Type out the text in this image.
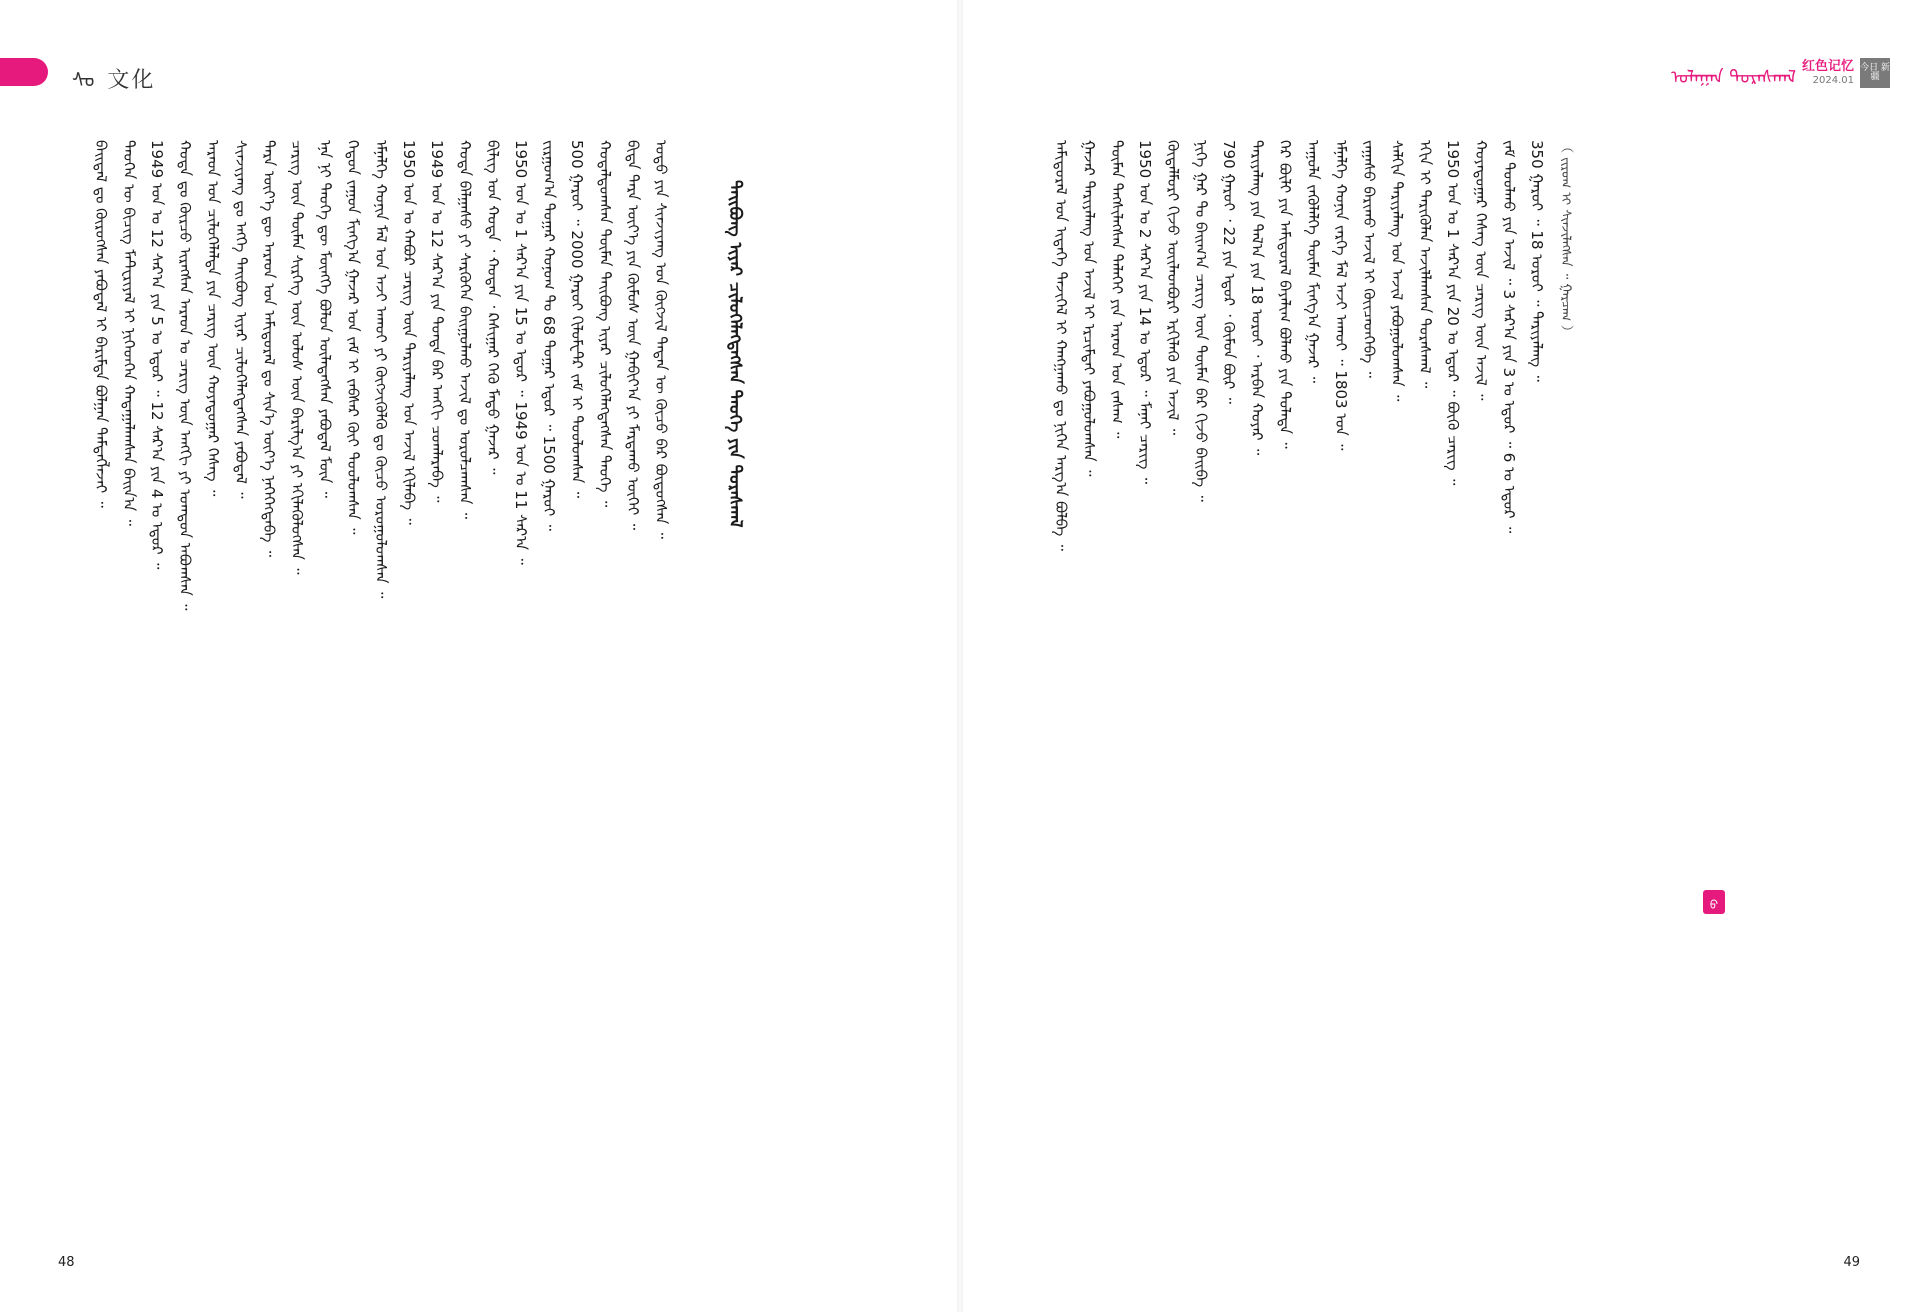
ᠰᠣ 文化	ᠤᠯᠠᠭᠠᠨ ᠳᠤᠷᠠᠰᠬᠠᠯ 红色记忆
2024.01
今日 新疆
ᠪᠠᠢᠳᠠᠯ ᠳᠤ ᠬᠦᠷᠦᠭᠰᠡᠨ ᠶᠠᠪᠤᠳᠠᠯ ᠢ ᠪᠠᠷᠢᠮᠲᠠ ᠪᠣᠯᠭᠠᠨ ᠲᠡᠮᠳᠡᠭᠯᠡᠵᠡᠢ ᠃ ᠲᠡᠦᠬᠡᠨ ᠦ ᠪᠢᠴᠢᠭ ᠮᠠᠲᠸᠷᠢᠶᠠᠯ ᠢ ᠨᠢᠭᠡᠳᠬᠡᠨ ᠬᠠᠳᠠᠭᠠᠯᠠᠭᠰᠠᠨ ᠪᠠᠢᠨ᠎ᠠ ᠃ 1949 ᠣᠨ ᠤ 12 ᠰᠠᠷ᠎ᠠ ᠶᠢᠨ 5 ᠤ ᠡᠳᠦᠷ ᠃ 12 ᠰᠠᠷ᠎ᠠ ᠶᠢᠨ 4 ᠤ ᠡᠳᠦᠷ ᠃ ᠬᠣᠲᠠ ᠳᠤ ᠬᠦᠷᠴᠦ ᠢᠷᠡᠭᠰᠡᠨ ᠠᠷᠠᠳ ᠤ ᠴᠡᠷᠢᠭ ᠦᠨ ᠠᠩᠭᠢ ᠶᠢ ᠤᠭᠳᠤᠨ ᠠᠪᠤᠭᠰᠠᠨ ᠃ ᠠᠷᠠᠳ ᠤᠨ ᠴᠢᠯᠥᠭᠡᠯᠡᠯᠳᠡ ᠶᠢᠨ ᠴᠡᠷᠢᠭ ᠦᠨ ᠬᠣᠶᠠᠳᠤᠭᠠᠷ ᠬᠡᠰᠡᠭ ᠃ ᠰᠢᠨᠵᠢᠶᠠᠩ ᠳᠤ ᠡᠩᠬᠡ ᠲᠠᠢᠪᠤᠩ ᠢᠶᠠᠷ ᠴᠢᠯᠥᠭᠡᠯᠡᠭᠳᠡᠭᠰᠡᠨ ᠶᠠᠪᠤᠳᠠᠯ ᠃ ᠲᠡᠷᠡ ᠦᠶ᠎ᠡ ᠳᠦ ᠠᠷᠠᠳ ᠤᠨ ᠠᠮᠢᠳᠤᠷᠠᠯ ᠳᠤ ᠰᠢᠨ᠎ᠡ ᠦᠶ᠎ᠡ ᠨᠡᠭᠡᠭᠡᠭᠳᠡᠪᠡ ᠃ ᠴᠡᠷᠢᠭ ᠦᠨ ᠲᠦᠮᠡᠨ ᠰᠢᠷᠬᠡᠭ ᠦᠨ ᠤᠯᠤᠰ ᠦᠨ ᠪᠠᠷᠢᠯᠭ᠎ᠠ ᠶᠢ ᠡᠬᠢᠯᠡᠭᠦᠯᠦᠭᠰᠡᠨ ᠃ ᠡᠨᠡ ᠨᠢ ᠲᠡᠦᠬᠡ ᠳᠦ ᠮᠥᠩᠬᠡ ᠪᠣᠯᠤᠨ ᠦᠯᠡᠳᠡᠭᠰᠡᠨ ᠶᠠᠪᠤᠳᠠᠯ ᠮᠥᠨ ᠃ ᠬᠡᠳᠦᠨ ᠵᠠᠭᠤᠨ ᠮᠢᠩᠭ᠎ᠠ ᠭᠠᠵᠠᠷ ᠤᠨ ᠵᠠᠮ ᠢ ᠵᠠᠪᠰᠠᠷ ᠭᠦᠢ ᠲᠤᠤᠯᠤᠭᠰᠠᠨ ᠃ ᠡᠮᠨᠡᠯᠭᠡ ᠬᠣᠨᠢᠨ ᠮᠠᠯ ᠤᠨ ᠠᠵᠢ ᠠᠬᠤᠢ ᠶᠢ ᠬᠥᠭᠵᠢᠭᠦᠯᠬᠦ ᠳᠤ ᠬᠦᠴᠦ ᠣᠷᠣᠭᠤᠯᠤᠭᠰᠠᠨ ᠃ 1950 ᠣᠨ ᠤ ᠬᠠᠪᠤᠷ ᠴᠡᠷᠢᠭ ᠦᠨ ᠲᠠᠷᠢᠶᠠᠯᠠᠩ ᠤᠨ ᠠᠵᠢᠯ ᠡᠬᠢᠯᠡᠪᠡ ᠃ 1949 ᠣᠨ ᠤ 12 ᠰᠠᠷ᠎ᠠ ᠶᠢᠨ ᠳᠤᠨᠳᠠ ᠪᠡᠷ ᠠᠩᠭᠢ ᠴᠤᠭᠯᠠᠷᠠᠪᠠ ᠃ ᠬᠣᠲᠠ ᠪᠠᠯᠭᠠᠰᠤ ᠶᠢ ᠰᠡᠷᠭᠦᠭᠡᠨ ᠪᠠᠢᠭᠤᠯᠬᠤ ᠠᠵᠢᠯ ᠳᠤ ᠣᠷᠣᠯᠴᠠᠭᠰᠠᠨ ᠃ ᠪᠢᠯᠢᠭ ᠤᠨ ᠬᠣᠲᠠ ᠂ ᠬᠣᠲᠠᠨ ᠂ ᠺᠠᠰᠢᠭᠠᠷ ᠭᠡᠬᠦ ᠮᠡᠲᠦ ᠭᠠᠵᠠᠷ ᠃ 1950 ᠣᠨ ᠤ 1 ᠰᠠᠷ᠎ᠠ ᠶᠢᠨ 15 ᠤ ᠡᠳᠦᠷ ᠃ 1949 ᠣᠨ ᠤ 11 ᠰᠠᠷ᠎ᠠ ᠃ ᠵᠢᠷᠭᠤᠭ᠎ᠠ ᠳᠤᠭᠠᠷ ᠬᠣᠨᠤᠭ ᠲᠤ 68 ᠳᠤᠭᠠᠷ ᠡᠳᠦᠷ ᠃ 1500 ᠭᠠᠷᠤᠢ ᠃ 500 ᠭᠠᠷᠤᠢ ᠃ 2000 ᠭᠠᠷᠤᠢ ᠬᠢᠯᠣᠮᠧᠲ᠋ᠷ ᠵᠠᠮ ᠢ ᠲᠤᠤᠯᠤᠭᠰᠠᠨ ᠃ ᠬᠤᠳᠠᠯᠳᠤᠭᠰᠠᠨ ᠲᠦᠮᠡᠨ ᠲᠠᠢᠪᠤᠩ ᠢᠶᠠᠷ ᠴᠢᠯᠥᠭᠡᠯᠡᠭᠳᠡᠭᠰᠡᠨ ᠲᠡᠦᠬᠡ ᠃ ᠪᠢᠳᠡ ᠲᠡᠷᠡ ᠦᠶ᠎ᠡ ᠶᠢᠨ ᠬᠦᠮᠦᠰ ᠦᠨ ᠭᠠᠪᠢᠶ᠎ᠠ ᠶᠢ ᠮᠠᠷᠲᠠᠬᠤ ᠦᠭᠡᠢ ᠃ ᠣᠳᠣ ᠶᠢᠨ ᠰᠢᠨᠵᠢᠶᠠᠩ ᠤᠨ ᠬᠥᠭᠵᠢᠯ ᠲᠡᠳᠡᠨ ᠦ ᠬᠦᠴᠦ ᠪᠡᠷ ᠪᠦᠲᠦᠭᠰᠡᠨ ᠃	ᠲᠠᠢᠪᠤᠩ ᠢᠶᠠᠷ ᠴᠢᠯᠥᠭᠡᠯᠡᠭᠳᠡᠭᠰᠡᠨ ᠲᠡᠦᠬᠡ ᠶᠢᠨ ᠳᠤᠷᠠᠰᠬᠠᠯ	ᠠᠮᠢᠳᠤᠷᠠᠯ ᠤᠨ ᠢᠳᠡᠭᠡ ᠲᠡᠵᠢᠭᠡᠯ ᠢ ᠬᠠᠩᠭᠠᠬᠤ ᠳᠤ ᠨᠢᠭᠡᠨ ᠠᠷᠭ᠎ᠠ ᠪᠣᠯᠪᠠ ᠃ ᠭᠠᠵᠠᠷ ᠲᠠᠷᠢᠶᠠᠯᠠᠩ ᠤᠨ ᠠᠵᠢᠯ ᠢ ᠡᠷᠴᠢᠮᠲᠡᠢ ᠶᠠᠪᠤᠭᠤᠯᠤᠭᠰᠠᠨ ᠃ ᠲᠦᠮᠡᠨ ᠲᠡᠭᠰᠢᠯᠡᠭᠰᠡᠨ ᠳᠡᠯᠡᠭᠡᠢ ᠶᠢᠨ ᠠᠷᠠᠳ ᠤᠨ ᠵᠠᠰᠠᠭ ᠃ 1950 ᠣᠨ ᠤ 2 ᠰᠠᠷ᠎ᠠ ᠶᠢᠨ 14 ᠤ ᠡᠳᠦᠷ ᠃ ᠮᠠᠨᠠᠢ ᠴᠡᠷᠢᠭ ᠃ ᠬᠥᠳᠡᠯᠮᠦᠷᠢ ᠬᠢᠵᠦ ᠦᠢᠯᠡᠳᠪᠦᠷᠢ ᠡᠷᠬᠢᠯᠡᠬᠦ ᠶᠢᠨ ᠠᠵᠢᠯ ᠃ ᠨᠢᠭᠡ ᠭᠠᠷ ᠲᠤ ᠪᠠᠢᠭ᠎ᠠ ᠴᠡᠷᠢᠭ ᠦᠨ ᠲᠦᠮᠡᠨ ᠪᠡᠷ ᠬᠢᠵᠦ ᠪᠠᠢᠪᠠ ᠃ 790 ᠭᠠᠷᠤᠢ ᠂ 22 ᠶᠢᠨ ᠡᠳᠦᠷ ᠂ ᠬᠦᠮᠦᠨ ᠪᠦᠷ ᠃ ᠲᠠᠷᠢᠶᠠᠯᠠᠩ ᠶᠢᠨ ᠲᠠᠯ᠎ᠠ ᠶᠢᠨ 18 ᠤᠷᠤᠢ ᠂ ᠠᠷᠪᠠᠨ ᠬᠣᠶᠠᠷ ᠃ ᠭᠡᠷ ᠪᠦᠯᠢ ᠶᠢᠨ ᠠᠮᠢᠳᠤᠷᠠᠯ ᠪᠠᠶᠠᠯᠢᠭ ᠪᠣᠯᠬᠤ ᠶᠢᠨ ᠲᠤᠯᠠᠳᠠ ᠃ ᠠᠭᠤᠯᠠ ᠵᠡᠭᠦᠯᠡᠯᠭᠡ ᠲᠦᠮᠡᠨ ᠮᠢᠩᠭ᠎ᠠ ᠭᠠᠵᠠᠷ ᠃ ᠡᠮᠨᠡᠯᠭᠡ ᠬᠣᠨᠢᠨ ᠵᠡᠷᠭᠡ ᠮᠠᠯ ᠠᠵᠢ ᠠᠬᠤᠢ ᠃ 1803 ᠣᠨ ᠃ ᠵᠠᠭᠠᠰᠤ ᠪᠠᠷᠢᠬᠤ ᠠᠵᠢᠯ ᠢ ᠭᠦᠢᠴᠡᠳᠭᠡᠪᠡ ᠃ ᠰᠠᠯᠬᠢᠨ ᠲᠠᠷᠢᠶᠠᠯᠠᠩ ᠤᠨ ᠠᠵᠢᠯ ᠶᠠᠪᠤᠭᠤᠯᠤᠭᠰᠠᠨ ᠃ ᠡᠬᠢᠨ ᠢ ᠲᠡᠷᠢᠭᠦᠯᠡᠨ ᠠᠵᠢᠯᠯᠠᠭᠰᠠᠨ ᠳᠤᠷᠠᠰᠬᠠᠯ ᠃ 1950 ᠣᠨ ᠤ 1 ᠰᠠᠷ᠎ᠠ ᠶᠢᠨ 20 ᠤ ᠡᠳᠦᠷ ᠃ ᠪᠦᠬᠦ ᠴᠡᠷᠢᠭ ᠃ ᠬᠣᠶᠠᠳᠤᠭᠠᠷ ᠬᠡᠰᠡᠭ ᠦᠨ ᠴᠡᠷᠢᠭ ᠦᠨ ᠠᠵᠢᠯ ᠃ ᠵᠠᠮ ᠲᠤᠤᠯᠬᠤ ᠶᠢᠨ ᠠᠵᠢᠯ ᠃ 3 ᠰᠠᠷ᠎ᠠ ᠶᠢᠨ 3 ᠤ ᠡᠳᠦᠷ ᠃ 6 ᠤ ᠡᠳᠦᠷ ᠃ 350 ᠭᠠᠷᠤᠢ ᠃ 18 ᠤᠷᠤᠢ ᠃ ᠲᠠᠷᠢᠶᠠᠯᠠᠩ ᠃ （ ᠵᠢᠷᠤᠭ ᠢ ᠰᠢᠨᠵᠢᠯᠡᠭᠰᠡᠨ ᠃ ᠭᠠᠷᠴᠠᠭ ）
ᠪ
48	49
